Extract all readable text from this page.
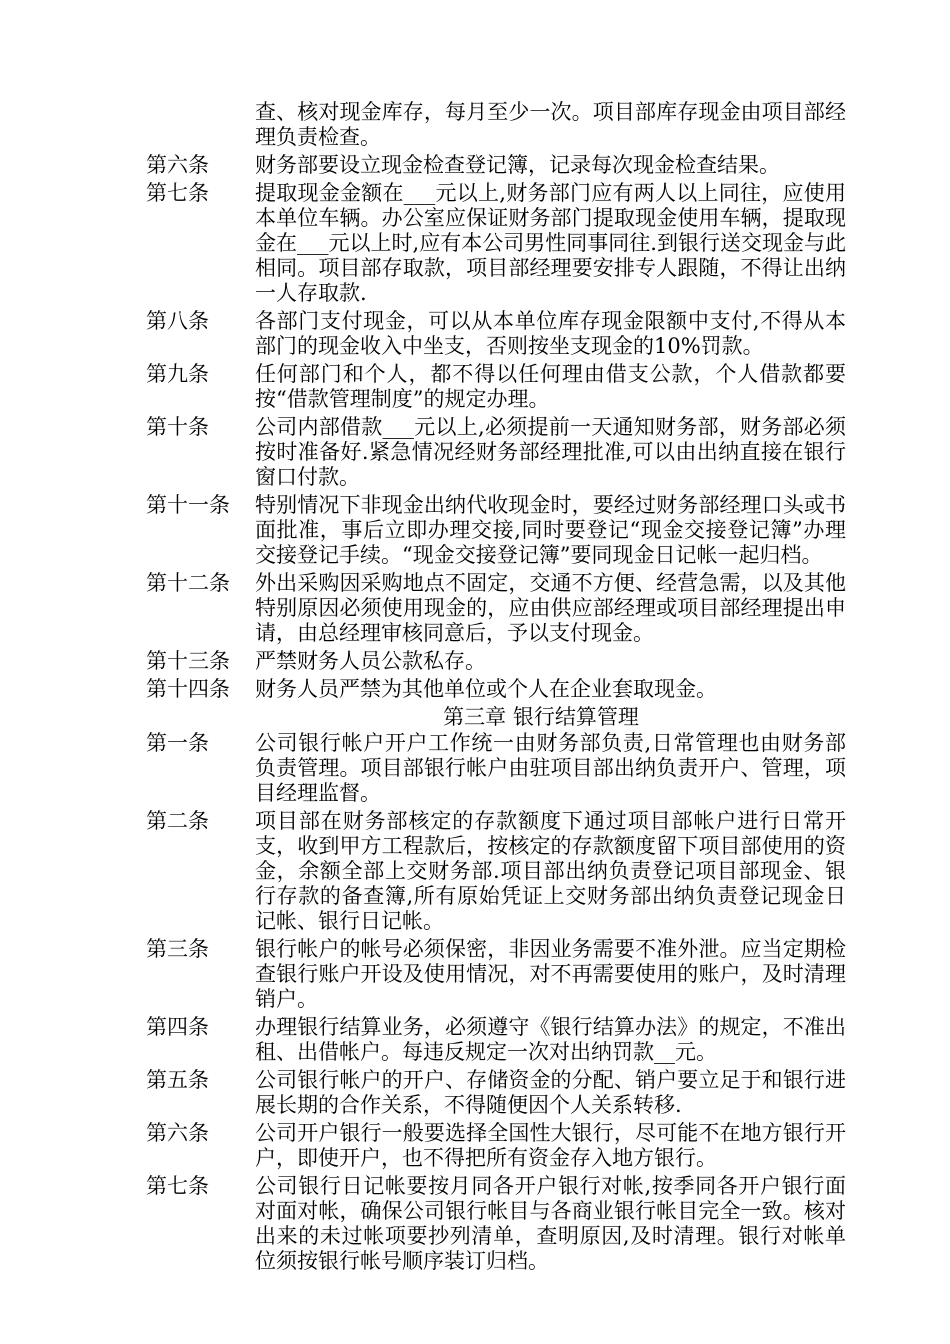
查、核对现金库存，每月至少一次。项目部库存现金由项目部经理负责检查。
第六条	财务部要设立现金检查登记簿，记录每次现金检查结果。
第七条	提取现金金额在___元以上,财务部门应有两人以上同往，应使用本单位车辆。办公室应保证财务部门提取现金使用车辆，提取现金在___元以上时,应有本公司男性同事同往.到银行送交现金与此相同。项目部存取款，项目部经理要安排专人跟随，不得让出纳一人存取款.
第八条	各部门支付现金，可以从本单位库存现金限额中支付,不得从本部门的现金收入中坐支，否则按坐支现金的10%罚款。
第九条	任何部门和个人，都不得以任何理由借支公款，个人借款都要按“借款管理制度”的规定办理。
第十条	公司内部借款___元以上,必须提前一天通知财务部，财务部必须按时准备好.紧急情况经财务部经理批准,可以由出纳直接在银行窗口付款。
第十一条	特别情况下非现金出纳代收现金时，要经过财务部经理口头或书面批准，事后立即办理交接,同时要登记“现金交接登记簿”办理交接登记手续。“现金交接登记簿”要同现金日记帐一起归档。
第十二条	外出采购因采购地点不固定，交通不方便、经营急需，以及其他特别原因必须使用现金的，应由供应部经理或项目部经理提出申请，由总经理审核同意后，予以支付现金。
第十三条	严禁财务人员公款私存。
第十四条	财务人员严禁为其他单位或个人在企业套取现金。
第三章 银行结算管理
第一条	公司银行帐户开户工作统一由财务部负责,日常管理也由财务部负责管理。项目部银行帐户由驻项目部出纳负责开户、管理，项目经理监督。
第二条	项目部在财务部核定的存款额度下通过项目部帐户进行日常开支，收到甲方工程款后，按核定的存款额度留下项目部使用的资金，余额全部上交财务部.项目部出纳负责登记项目部现金、银行存款的备查簿,所有原始凭证上交财务部出纳负责登记现金日记帐、银行日记帐。
第三条	银行帐户的帐号必须保密，非因业务需要不准外泄。应当定期检查银行账户开设及使用情况，对不再需要使用的账户，及时清理销户。
第四条	办理银行结算业务，必须遵守《银行结算办法》的规定，不准出租、出借帐户。每违反规定一次对出纳罚款__元。
第五条	公司银行帐户的开户、存储资金的分配、销户要立足于和银行进展长期的合作关系，不得随便因个人关系转移.
第六条	公司开户银行一般要选择全国性大银行，尽可能不在地方银行开户，即使开户，也不得把所有资金存入地方银行。
第七条	公司银行日记帐要按月同各开户银行对帐,按季同各开户银行面对面对帐，确保公司银行帐目与各商业银行帐目完全一致。核对出来的未过帐项要抄列清单，查明原因,及时清理。银行对帐单位须按银行帐号顺序装订归档。
